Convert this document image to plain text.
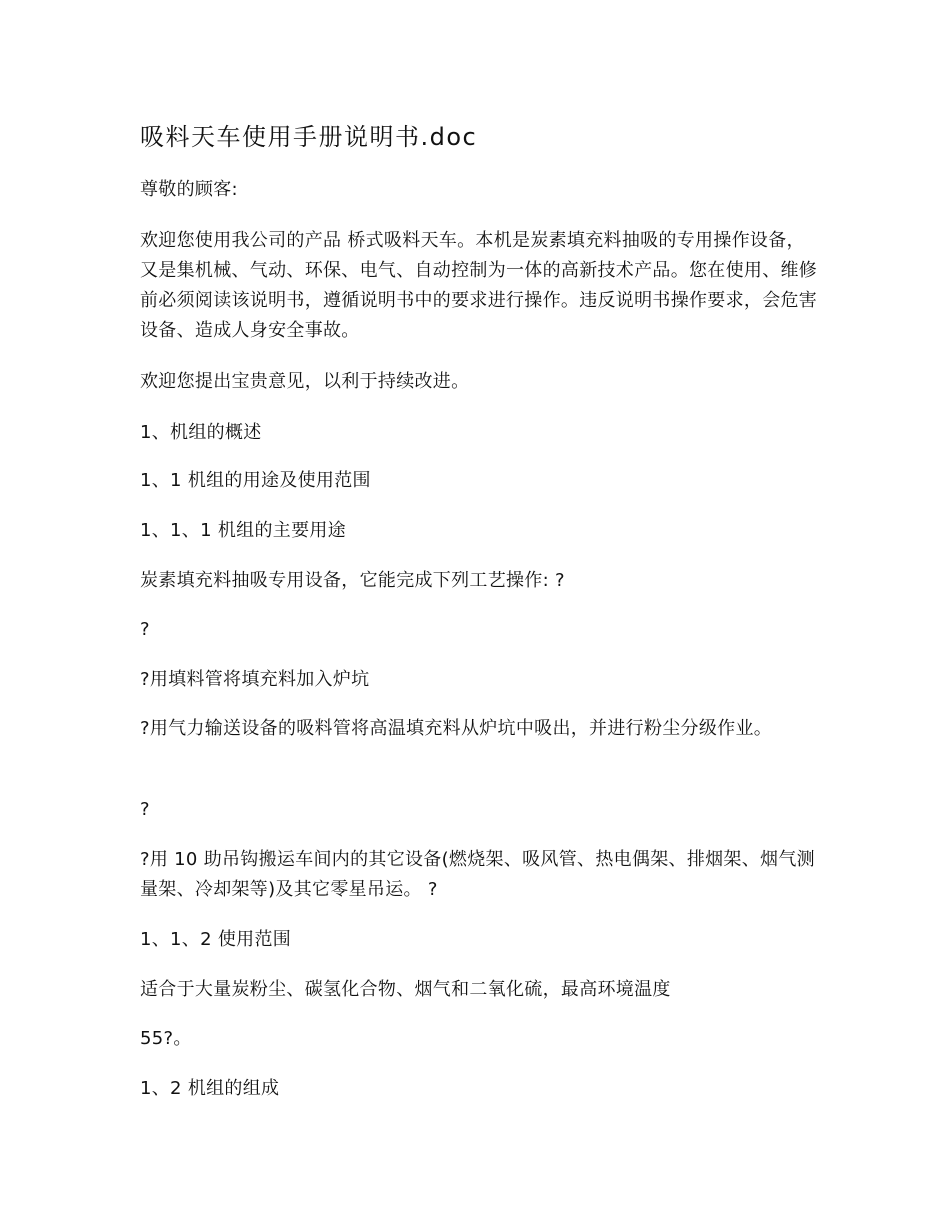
吸料天车使用手册说明书.doc

尊敬的顾客:

欢迎您使用我公司的产品 桥式吸料天车。本机是炭素填充料抽吸的专用操作设备，又是集机械、气动、环保、电气、自动控制为一体的高新技术产品。您在使用、维修前必须阅读该说明书，遵循说明书中的要求进行操作。违反说明书操作要求，会危害设备、造成人身安全事故。

欢迎您提出宝贵意见，以利于持续改进。

1、机组的概述

1、1 机组的用途及使用范围

1、1、1 机组的主要用途

炭素填充料抽吸专用设备，它能完成下列工艺操作: ?

?

?用填料管将填充料加入炉坑

?用气力输送设备的吸料管将高温填充料从炉坑中吸出，并进行粉尘分级作业。

?

?用 10 助吊钩搬运车间内的其它设备(燃烧架、吸风管、热电偶架、排烟架、烟气测量架、冷却架等)及其它零星吊运。 ?

1、1、2 使用范围

适合于大量炭粉尘、碳氢化合物、烟气和二氧化硫，最高环境温度

55?。

1、2 机组的组成
